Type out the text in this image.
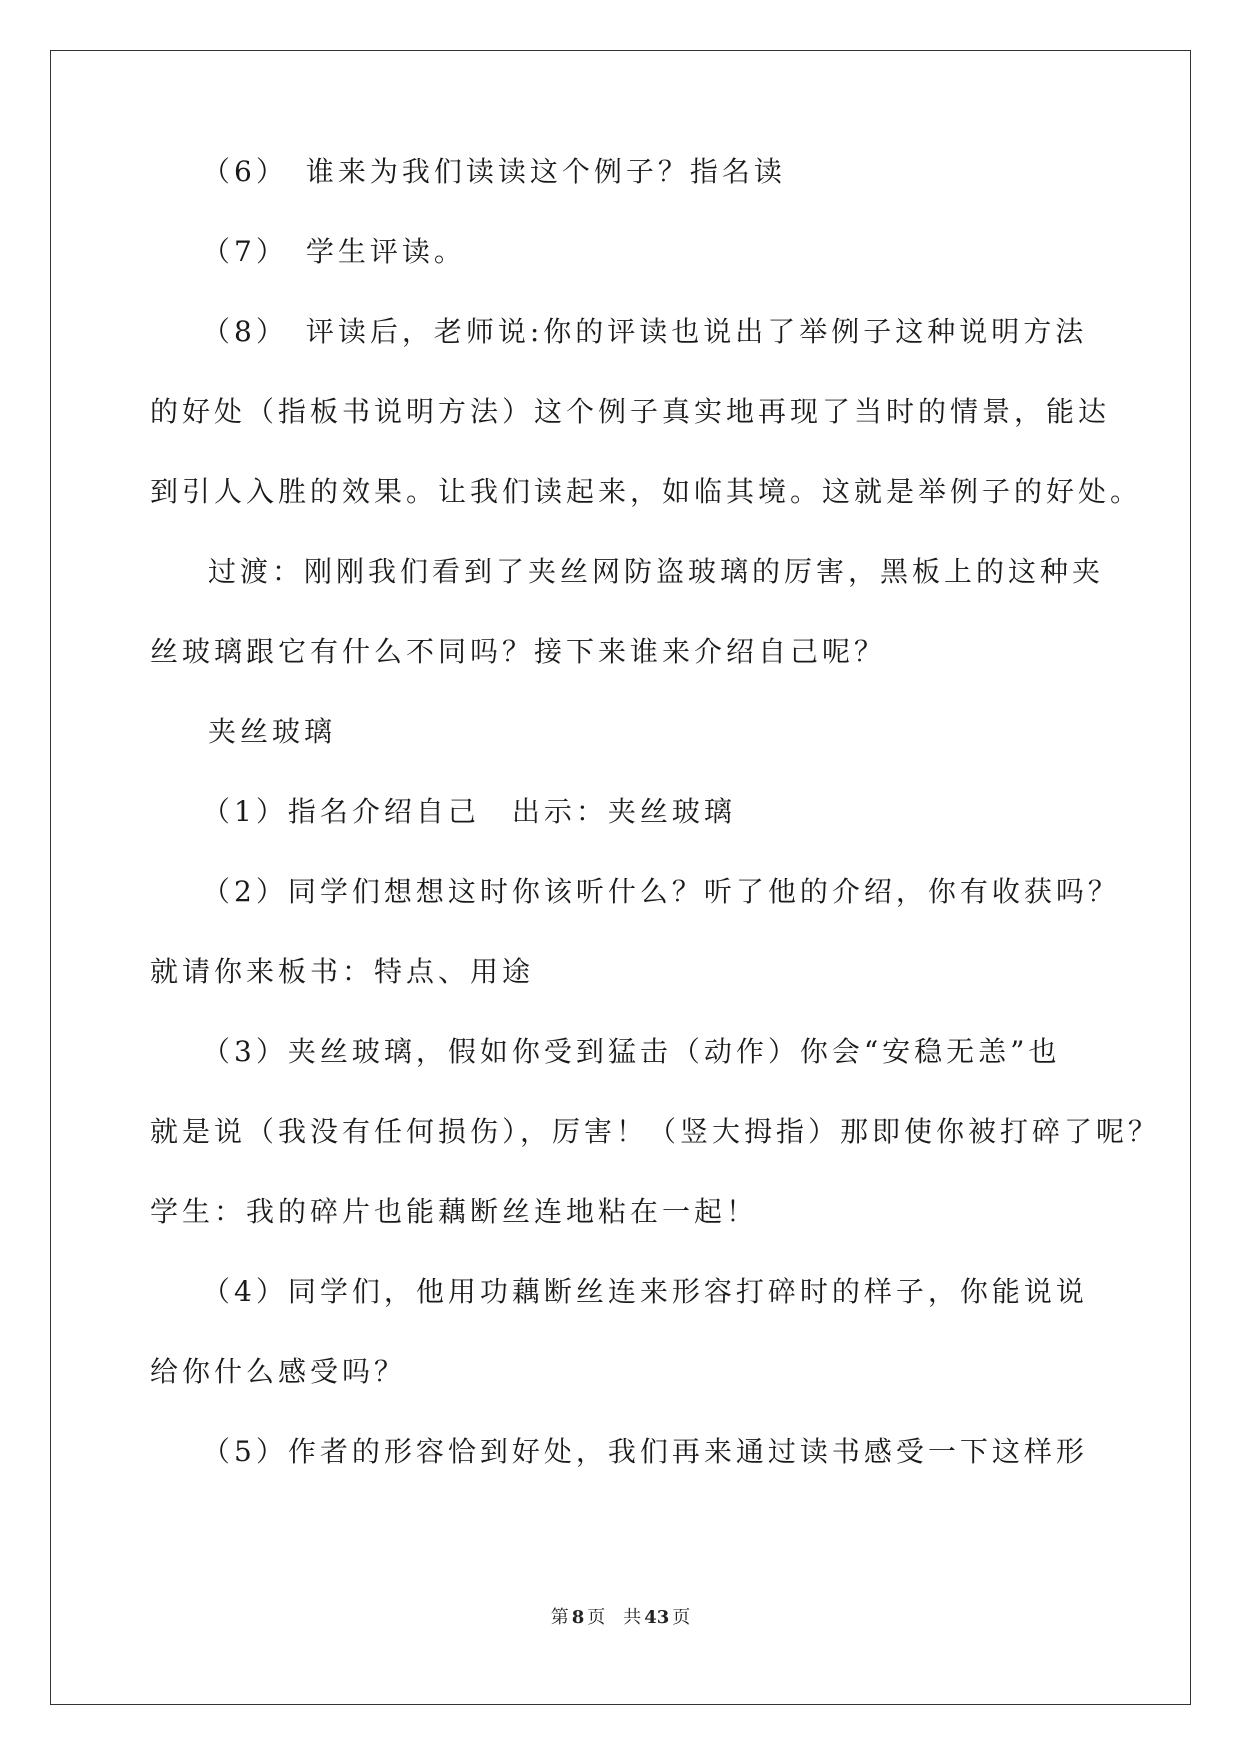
（6）　谁来为我们读读这个例子？指名读
（7）　学生评读。
（8）　评读后，老师说:你的评读也说出了举例子这种说明方法
的好处（指板书说明方法）这个例子真实地再现了当时的情景，能达
到引人入胜的效果。让我们读起来，如临其境。这就是举例子的好处。
过渡：刚刚我们看到了夹丝网防盗玻璃的厉害，黑板上的这种夹
丝玻璃跟它有什么不同吗？接下来谁来介绍自己呢？
夹丝玻璃
（1）指名介绍自己　出示：夹丝玻璃
（2）同学们想想这时你该听什么？听了他的介绍，你有收获吗？
就请你来板书：特点、用途
（3）夹丝玻璃，假如你受到猛击（动作）你会“安稳无恙”也
就是说（我没有任何损伤），厉害！（竖大拇指）那即使你被打碎了呢？
学生：我的碎片也能藕断丝连地粘在一起！
（4）同学们，他用功藕断丝连来形容打碎时的样子，你能说说
给你什么感受吗？
（5）作者的形容恰到好处，我们再来通过读书感受一下这样形
第 8 页　共 43 页
